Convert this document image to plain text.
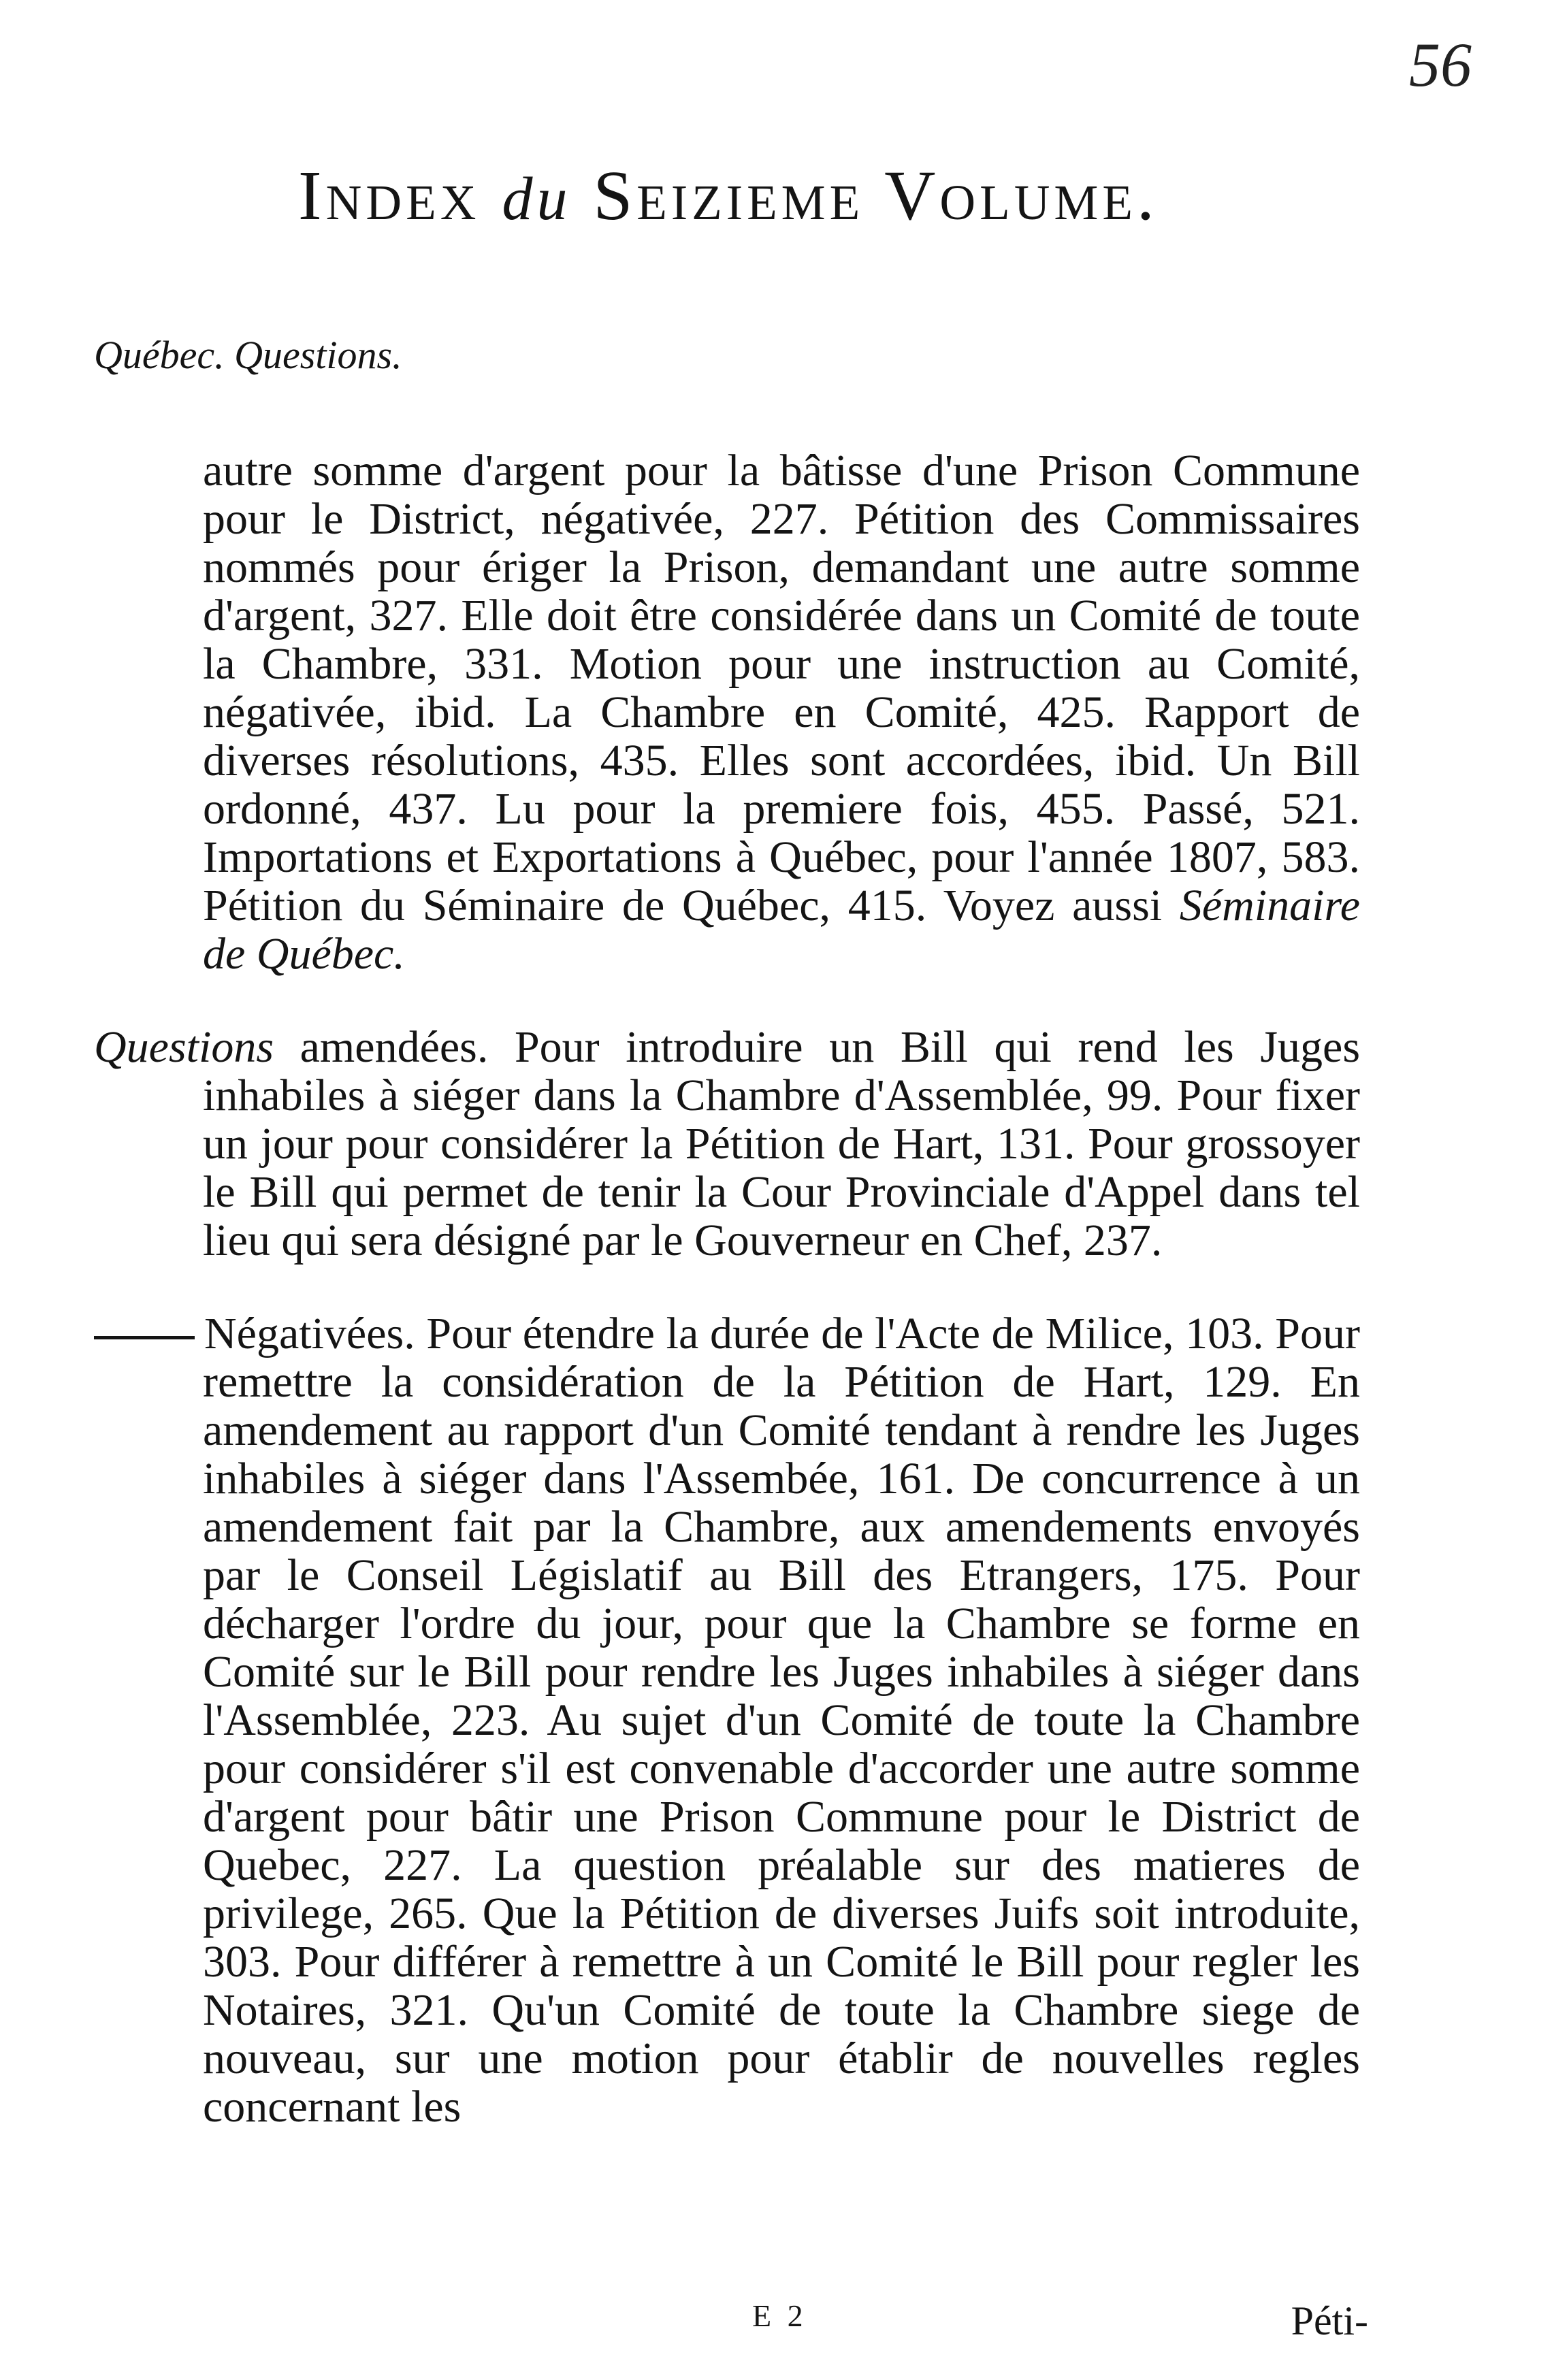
56
Index du Seizieme Volume.
Québec. Questions.

autre somme d'argent pour la bâtisse d'une Prison Commune pour le District, négativée, 227. Pétition des Commissaires nommés pour ériger la Prison, demandant une autre somme d'argent, 327. Elle doit être considérée dans un Comité de toute la Chambre, 331. Motion pour une instruction au Comité, négativée, ibid. La Chambre en Comité, 425. Rapport de diverses résolutions, 435. Elles sont accordées, ibid. Un Bill ordonné, 437. Lu pour la premiere fois, 455. Passé, 521. Importations et Exportations à Québec, pour l'année 1807, 583. Pétition du Séminaire de Québec, 415. Voyez aussi Séminaire de Québec.

Questions amendées. Pour introduire un Bill qui rend les Juges inhabiles à siéger dans la Chambre d'Assemblée, 99. Pour fixer un jour pour considérer la Pétition de Hart, 131. Pour grossoyer le Bill qui permet de tenir la Cour Provinciale d'Appel dans tel lieu qui sera désigné par le Gouverneur en Chef, 237.

Négativées. Pour étendre la durée de l'Acte de Milice, 103. Pour remettre la considération de la Pétition de Hart, 129. En amendement au rapport d'un Comité tendant à rendre les Juges inhabiles à siéger dans l'Assembée, 161. De concurrence à un amendement fait par la Chambre, aux amendements envoyés par le Conseil Législatif au Bill des Etrangers, 175. Pour décharger l'ordre du jour, pour que la Chambre se forme en Comité sur le Bill pour rendre les Juges inhabiles à siéger dans l'Assemblée, 223. Au sujet d'un Comité de toute la Chambre pour considérer s'il est convenable d'accorder une autre somme d'argent pour bâtir une Prison Commune pour le District de Quebec, 227. La question préalable sur des matieres de privilege, 265. Que la Pétition de diverses Juifs soit introduite, 303. Pour différer à remettre à un Comité le Bill pour regler les Notaires, 321. Qu'un Comité de toute la Chambre siege de nouveau, sur une motion pour établir de nouvelles regles concernant les

E 2	Péti-
